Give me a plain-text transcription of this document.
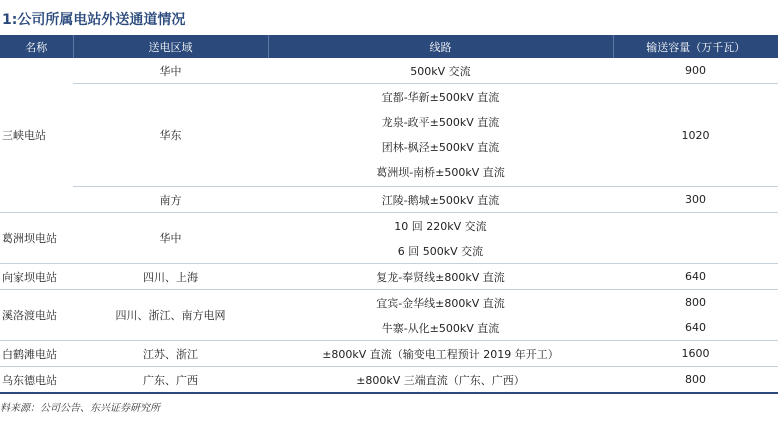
1:公司所属电站外送通道情况
名称	送电区域	线路	输送容量（万千瓦）
三峡电站	华中	500kV 交流	900
	华东	宜都-华新±500kV 直流	1020
		龙泉-政平±500kV 直流	
		团林-枫泾±500kV 直流	
		葛洲坝-南桥±500kV 直流	

	南方	江陵-鹅城±500kV 直流	300
葛洲坝电站	华中	10 回 220kV 交流	
		6 回 500kV 交流	
向家坝电站	四川、上海	复龙-奉贤线±800kV 直流	640
溪洛渡电站	四川、浙江、南方电网	宜宾-金华线±800kV 直流	800
		牛寨-从化±500kV 直流	640
白鹤滩电站	江苏、浙江	±800kV 直流（输变电工程预计 2019 年开工）	1600
乌东德电站	广东、广西	±800kV 三端直流（广东、广西）	800
料来源：公司公告、东兴证券研究所
